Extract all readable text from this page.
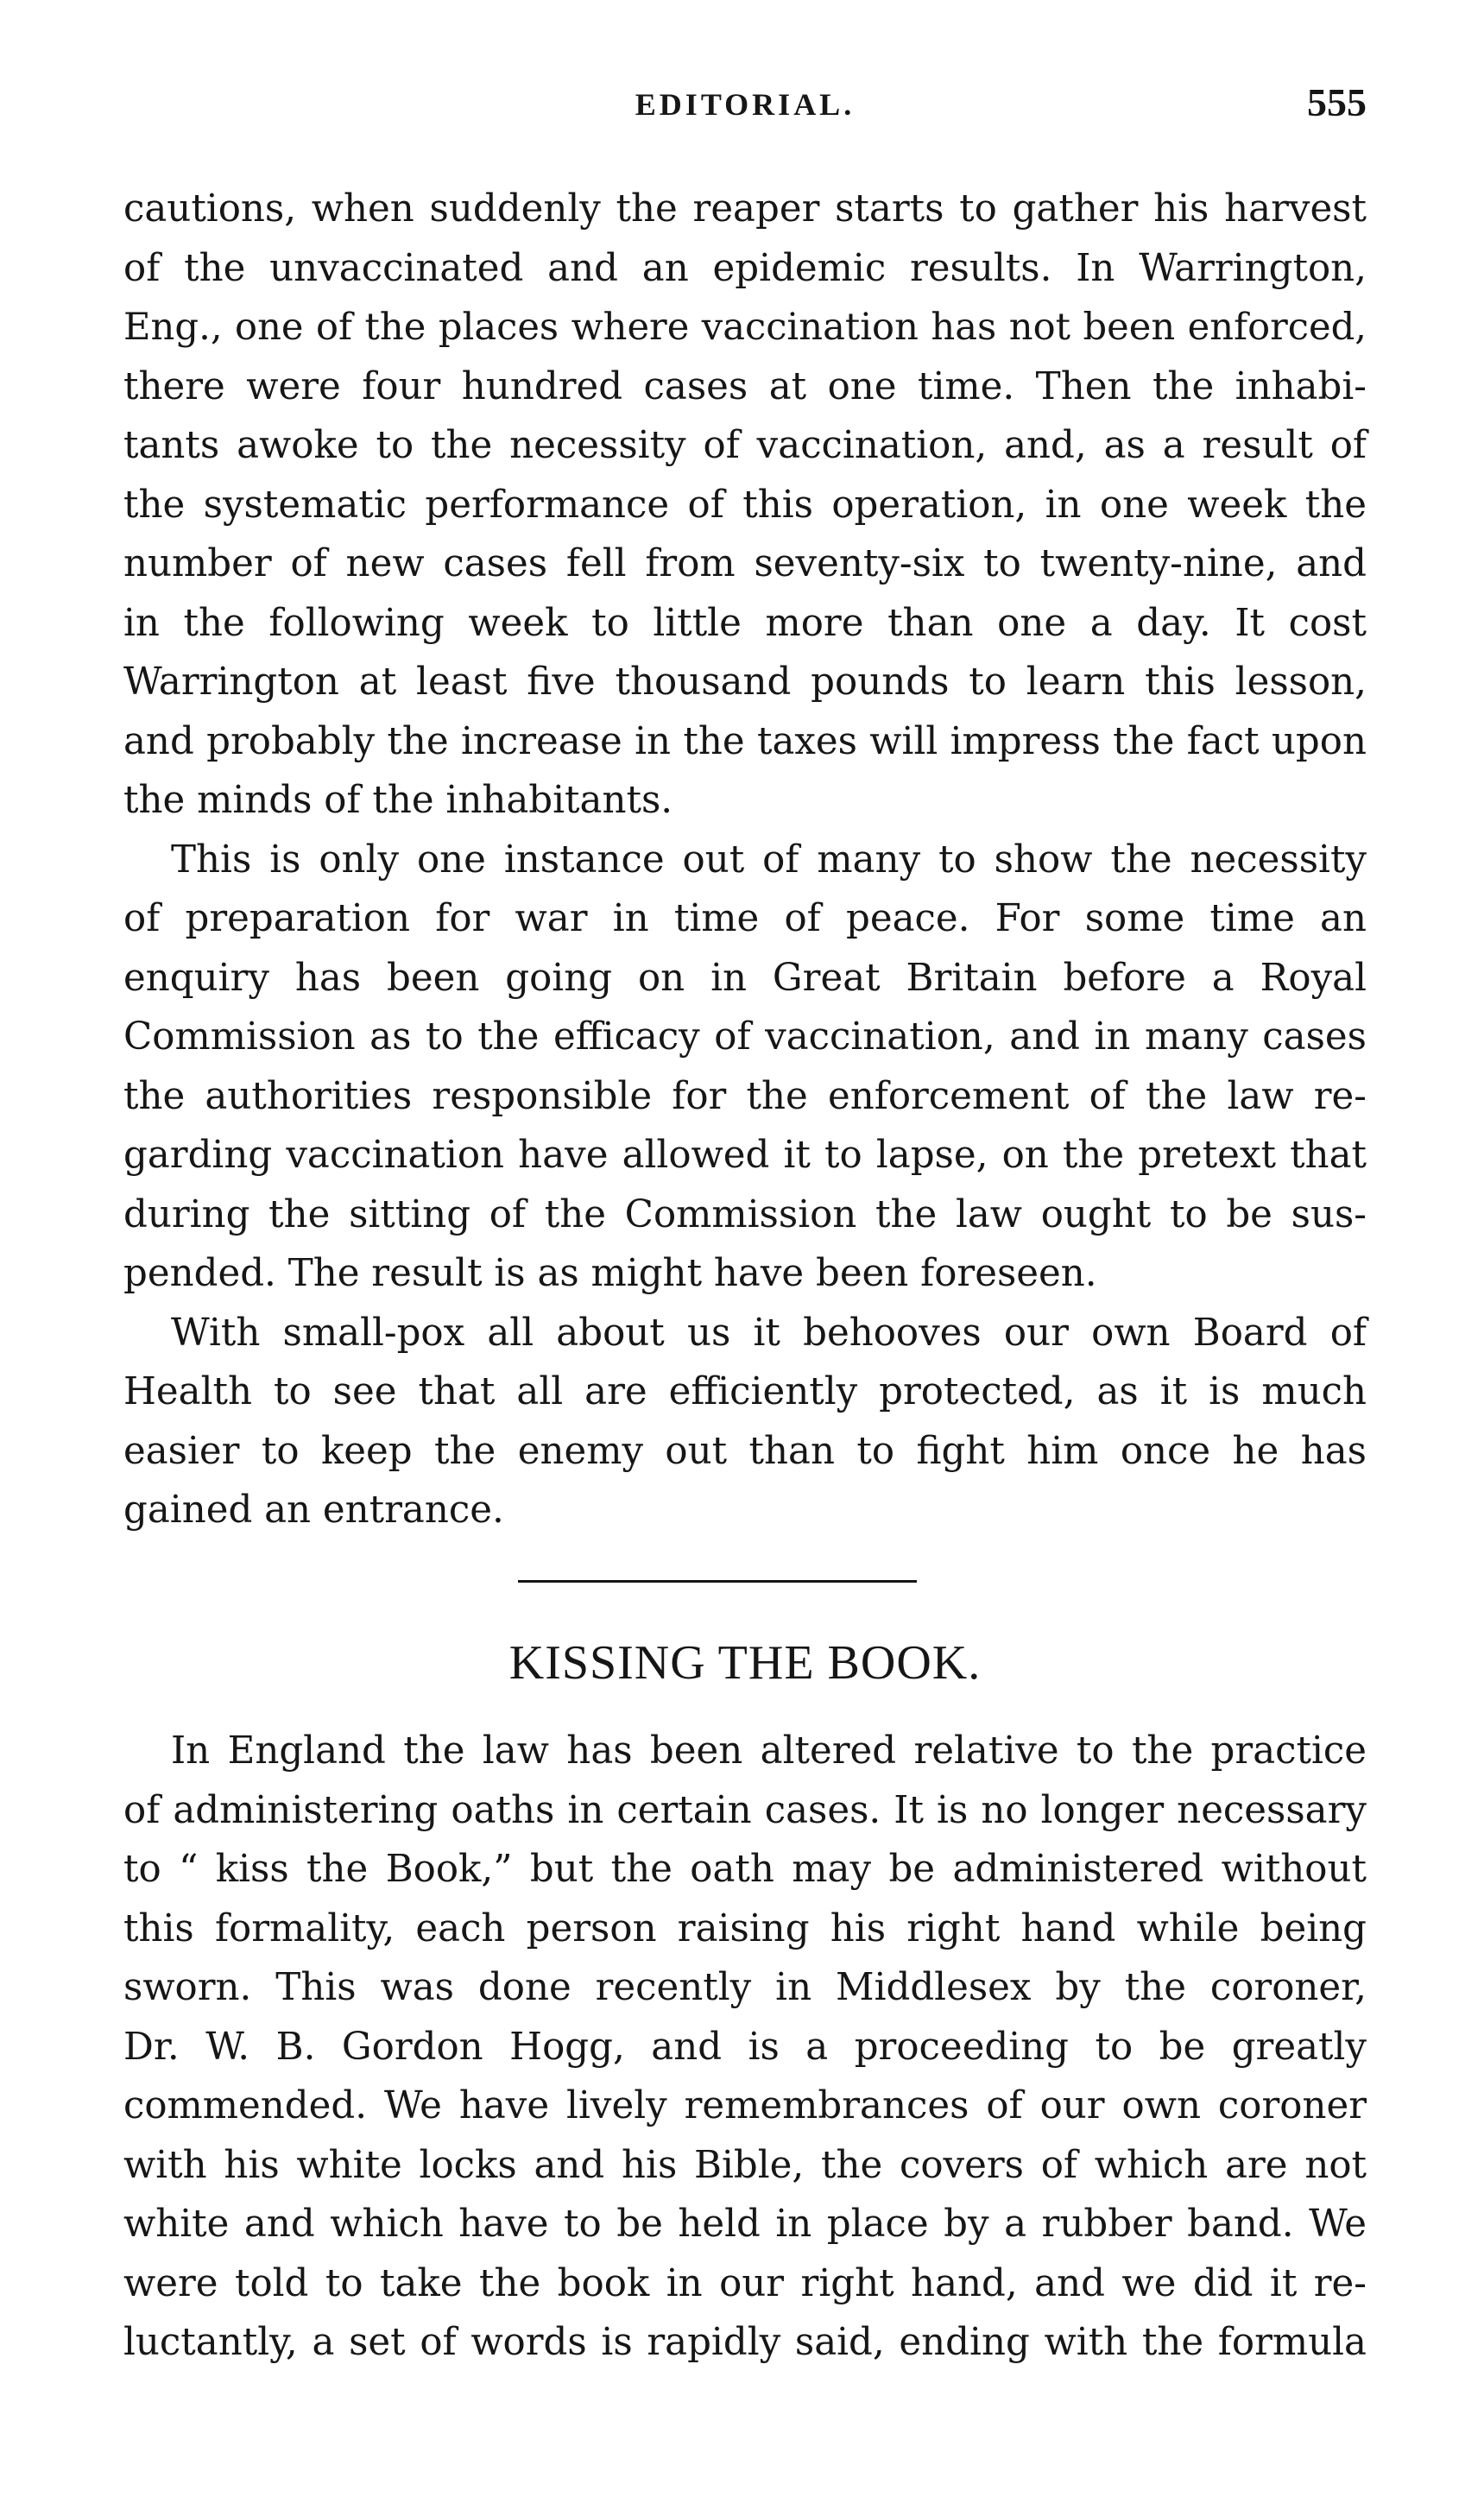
EDITORIAL.	555

cautions, when suddenly the reaper starts to gather his harvest
of the unvaccinated and an epidemic results. In Warrington,
Eng., one of the places where vaccination has not been enforced,
there were four hundred cases at one time. Then the inhabi-
tants awoke to the necessity of vaccination, and, as a result of
the systematic performance of this operation, in one week the
number of new cases fell from seventy-six to twenty-nine, and
in the following week to little more than one a day. It cost
Warrington at least five thousand pounds to learn this lesson,
and probably the increase in the taxes will impress the fact upon
the minds of the inhabitants.

This is only one instance out of many to show the necessity
of preparation for war in time of peace. For some time an
enquiry has been going on in Great Britain before a Royal
Commission as to the efficacy of vaccination, and in many cases
the authorities responsible for the enforcement of the law re-
garding vaccination have allowed it to lapse, on the pretext that
during the sitting of the Commission the law ought to be sus-
pended. The result is as might have been foreseen.

With small-pox all about us it behooves our own Board of
Health to see that all are efficiently protected, as it is much
easier to keep the enemy out than to fight him once he has
gained an entrance.

KISSING THE BOOK.

In England the law has been altered relative to the practice
of administering oaths in certain cases. It is no longer necessary
to “ kiss the Book,” but the oath may be administered without
this formality, each person raising his right hand while being
sworn. This was done recently in Middlesex by the coroner,
Dr. W. B. Gordon Hogg, and is a proceeding to be greatly
commended. We have lively remembrances of our own coroner
with his white locks and his Bible, the covers of which are not
white and which have to be held in place by a rubber band. We
were told to take the book in our right hand, and we did it re-
luctantly, a set of words is rapidly said, ending with the formula
